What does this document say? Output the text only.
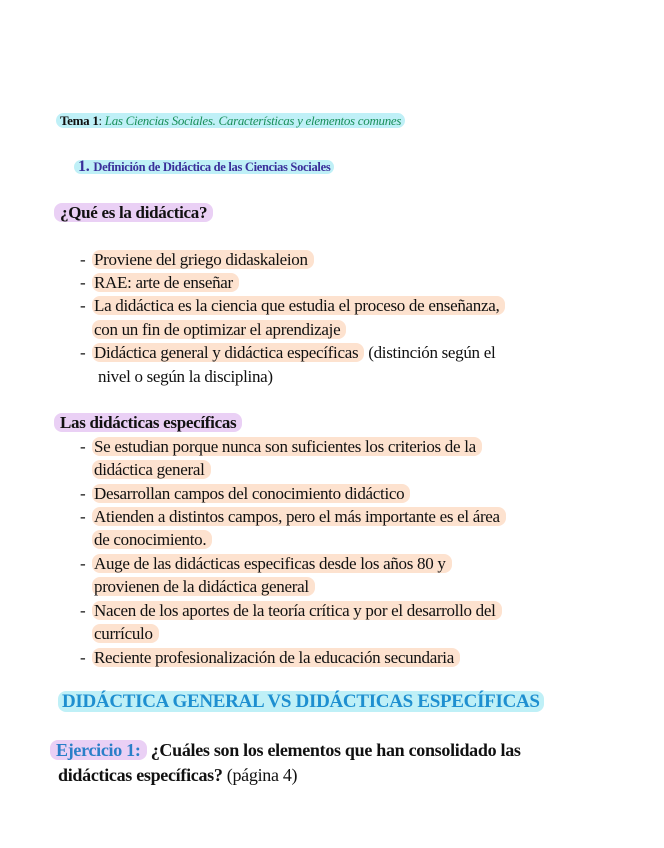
Tema 1: Las Ciencias Sociales. Características y elementos comunes
1. Definición de Didáctica de las Ciencias Sociales
¿Qué es la didáctica?
- Proviene del griego didaskaleion
- RAE: arte de enseñar
- La didáctica es la ciencia que estudia el proceso de enseñanza,
con un fin de optimizar el aprendizaje
- Didáctica general y didáctica específicas (distinción según el
nivel o según la disciplina)
Las didácticas específicas
- Se estudian porque nunca son suficientes los criterios de la
didáctica general
- Desarrollan campos del conocimiento didáctico
- Atienden a distintos campos, pero el más importante es el área
de conocimiento.
- Auge de las didácticas especificas desde los años 80 y
provienen de la didáctica general
- Nacen de los aportes de la teoría crítica y por el desarrollo del
currículo
- Reciente profesionalización de la educación secundaria
DIDÁCTICA GENERAL VS DIDÁCTICAS ESPECÍFICAS
Ejercicio 1: ¿Cuáles son los elementos que han consolidado las
didácticas específicas? (página 4)
